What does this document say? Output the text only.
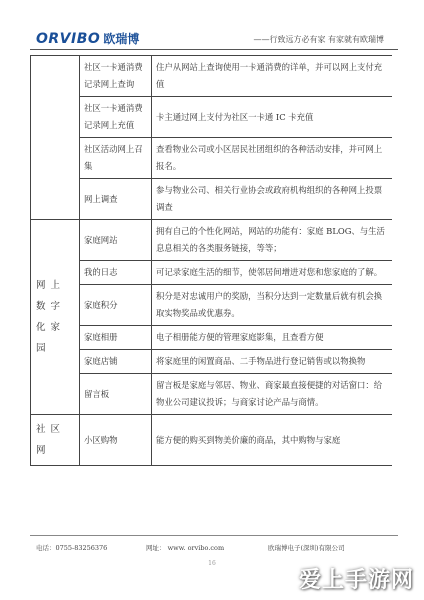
ORVIBO 欧瑞博	——行致远方必有家 有家就有欧瑞博
	社区一卡通消费记录网上查询	住户从网站上查询使用一卡通消费的详单，并可以网上支付充值
	社区一卡通消费记录网上充值	卡主通过网上支付为社区一卡通 IC 卡充值
	社区活动网上召集	查看物业公司或小区居民社团组织的各种活动安排，并可网上报名。
	网上调查	参与物业公司、相关行业协会或政府机构组织的各种网上投票调查
网上数字化家园	家庭网站	拥有自己的个性化网站，网站的功能有：家庭 BLOG、与生活息息相关的各类服务链接，等等；
	我的日志	可记录家庭生活的细节，使邻居间增进对您和您家庭的了解。
	家庭积分	积分是对忠诚用户的奖励，当积分达到一定数量后就有机会换取实物奖品或优惠券。
	家庭相册	电子相册能方便的管理家庭影集，且查看方便
	家庭店铺	将家庭里的闲置商品、二手物品进行登记销售或以物换物
	留言板	留言板是家庭与邻居、物业、商家最直接便捷的对话窗口：给物业公司建议投诉；与商家讨论产品与商情。
社区网	小区购物	能方便的购买到物美价廉的商品，其中购物与家庭
电话：0755-83256376	网址： www. orvibo.com	欧瑞博电子(深圳)有限公司
16
爱上手游网
